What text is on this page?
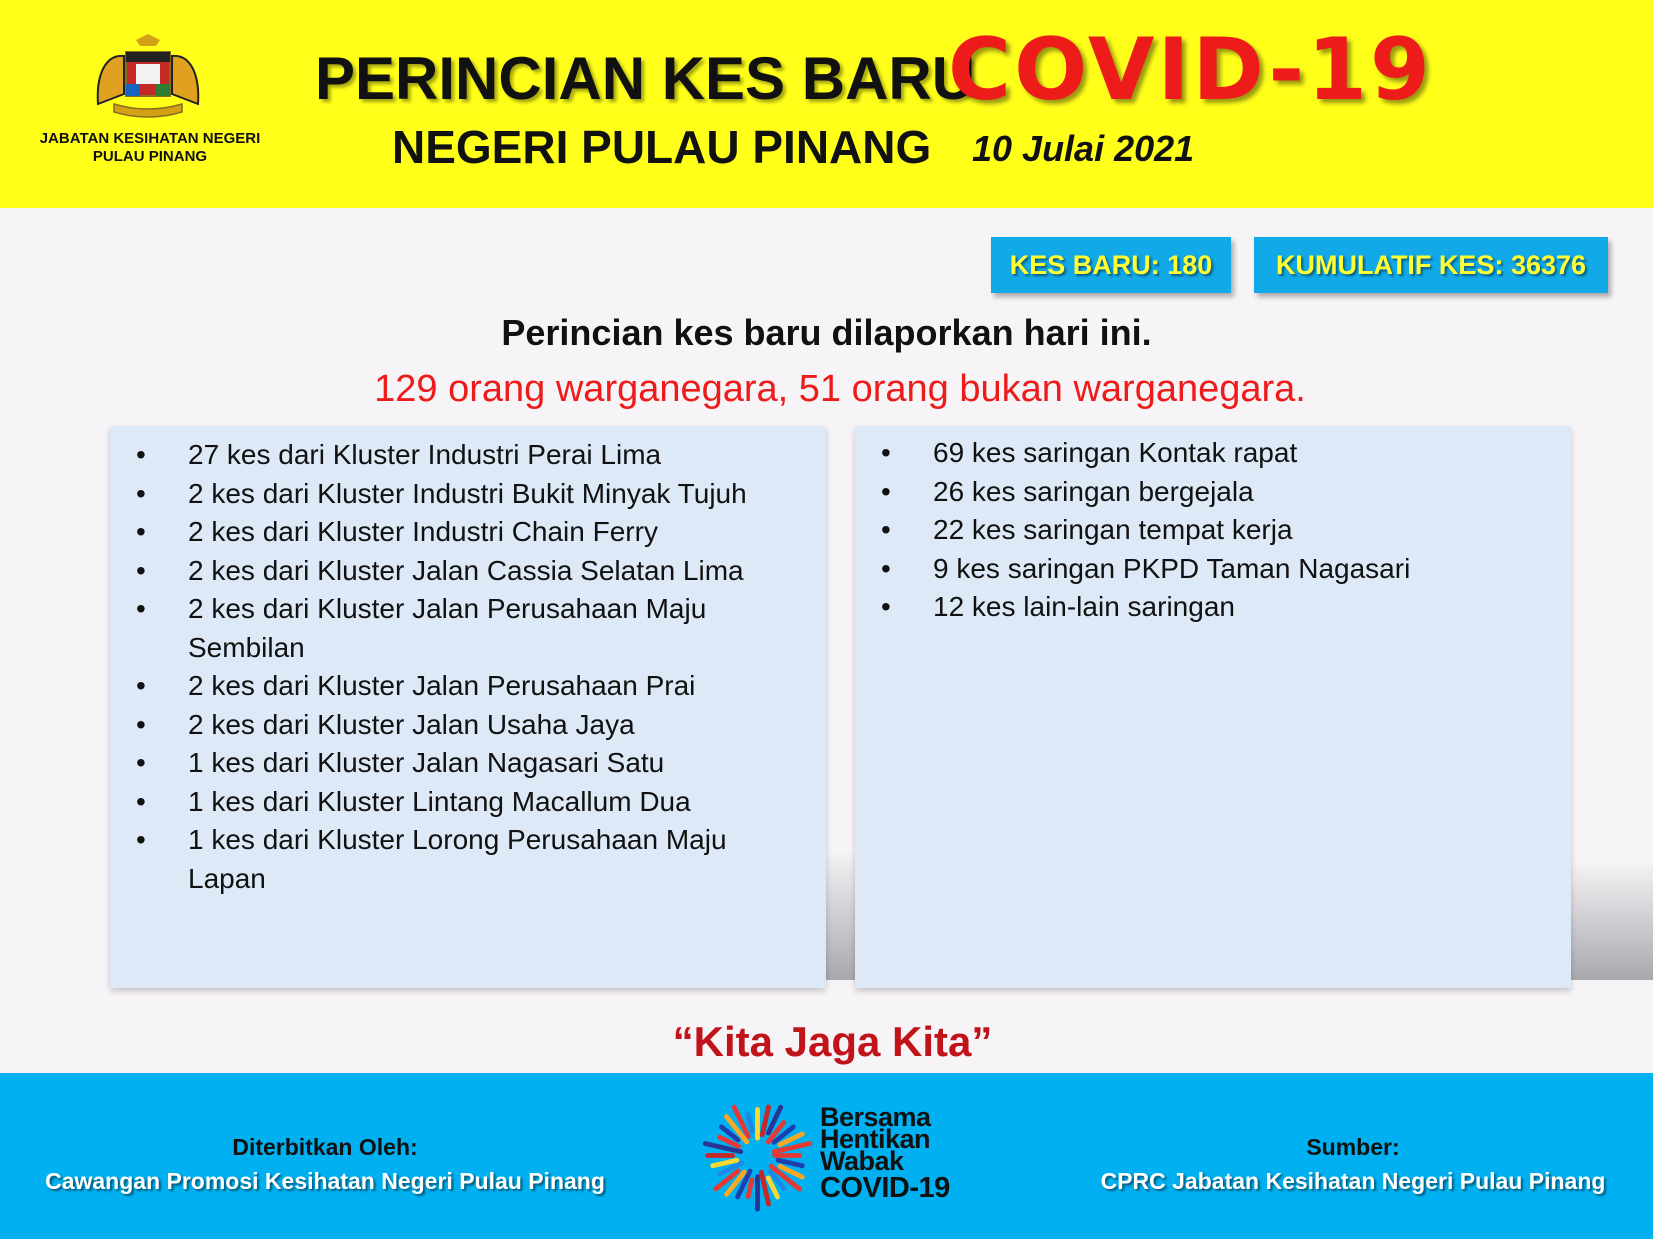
JABATAN KESIHATAN NEGERI
PULAU PINANG
PERINCIAN KES BARU
COVID-19
NEGERI PULAU PINANG 10 Julai 2021
KES BARU: 180	KUMULATIF KES: 36376
Perincian kes baru dilaporkan hari ini.
129 orang warganegara, 51 orang bukan warganegara.
• 27 kes dari Kluster Industri Perai Lima
• 2 kes dari Kluster Industri Bukit Minyak Tujuh
• 2 kes dari Kluster Industri Chain Ferry
• 2 kes dari Kluster Jalan Cassia Selatan Lima
• 2 kes dari Kluster Jalan Perusahaan Maju
Sembilan
• 2 kes dari Kluster Jalan Perusahaan Prai
• 2 kes dari Kluster Jalan Usaha Jaya
• 1 kes dari Kluster Jalan Nagasari Satu
• 1 kes dari Kluster Lintang Macallum Dua
• 1 kes dari Kluster Lorong Perusahaan Maju
Lapan
• 69 kes saringan Kontak rapat
• 26 kes saringan bergejala
• 22 kes saringan tempat kerja
• 9 kes saringan PKPD Taman Nagasari
• 12 kes lain-lain saringan
“Kita Jaga Kita”
Diterbitkan Oleh:
Cawangan Promosi Kesihatan Negeri Pulau Pinang
Sumber:
CPRC Jabatan Kesihatan Negeri Pulau Pinang
Bersama
Hentikan
Wabak
COVID-19
